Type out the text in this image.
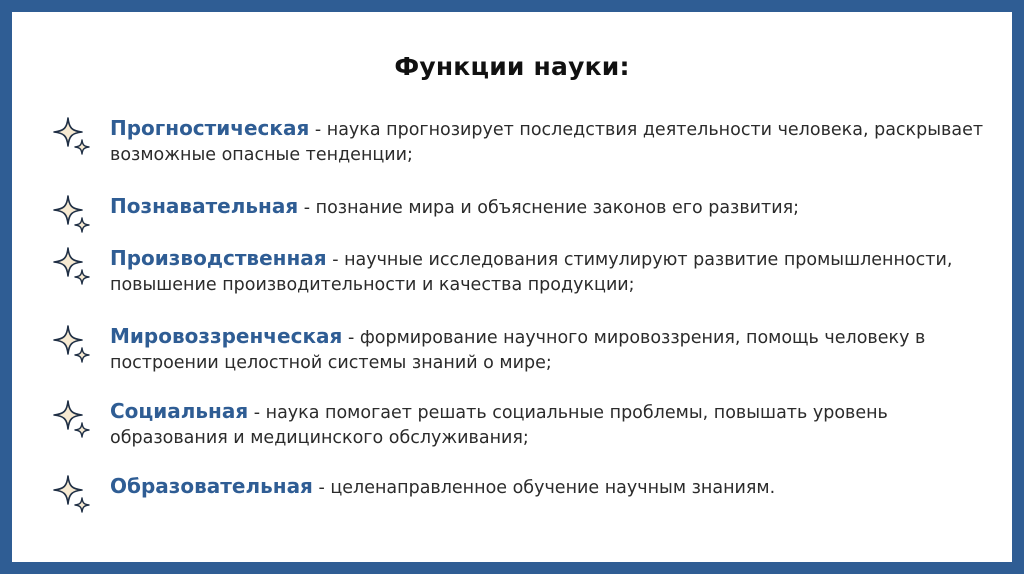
Функции науки:
Прогностическая - наука прогнозирует последствия деятельности человека, раскрывает возможные опасные тенденции;
Познавательная - познание мира и объяснение законов его развития;
Производственная - научные исследования стимулируют развитие промышленности, повышение производительности и качества продукции;
Мировоззренческая - формирование научного мировоззрения, помощь человеку в построении целостной системы знаний о мире;
Социальная - наука помогает решать социальные проблемы, повышать уровень образования и медицинского обслуживания;
Образовательная - целенаправленное обучение научным знаниям.
